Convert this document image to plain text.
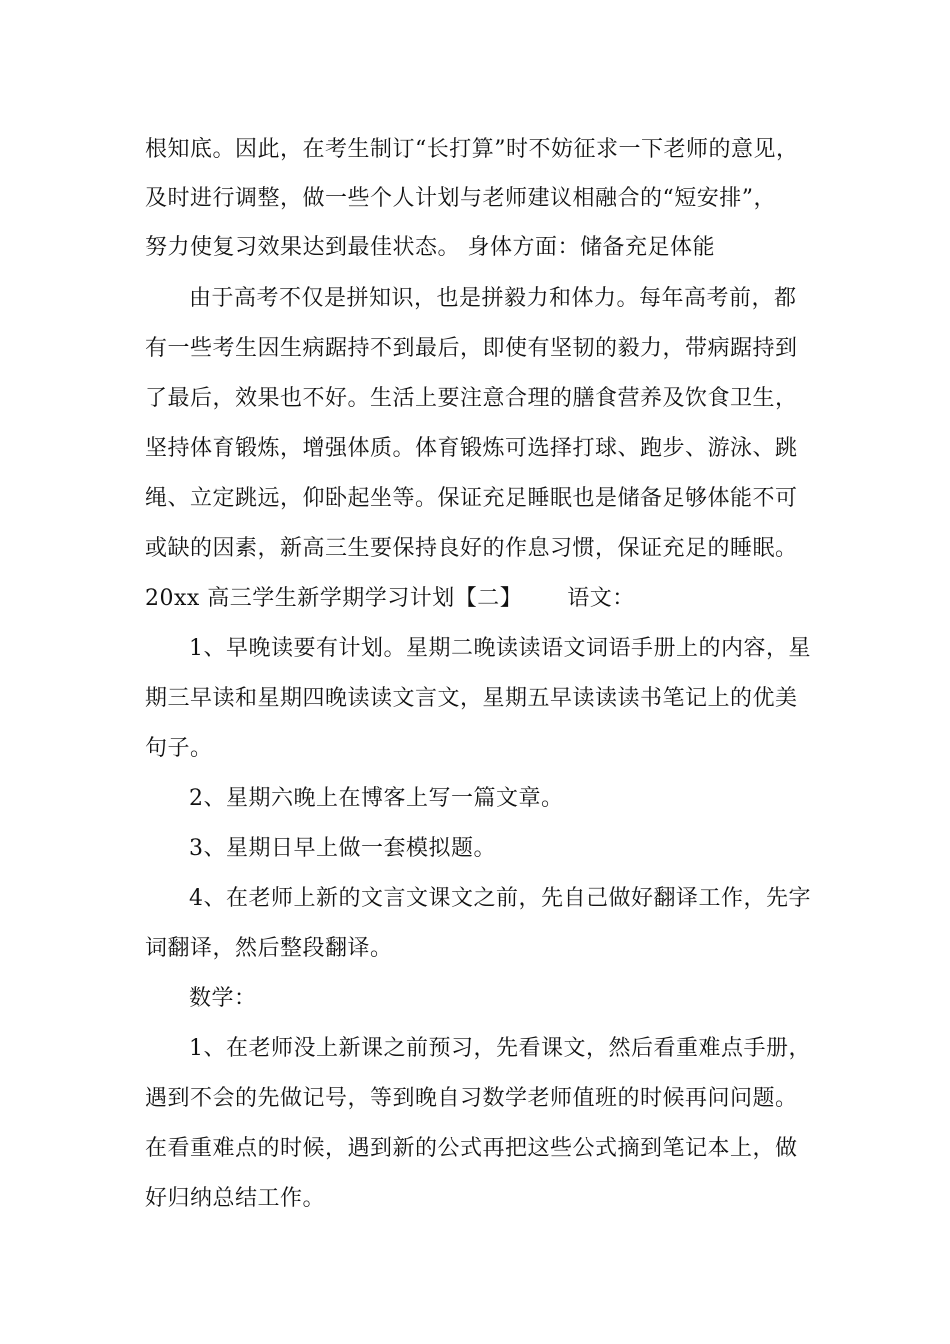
根知底。因此，在考生制订“长打算”时不妨征求一下老师的意见，
及时进行调整，做一些个人计划与老师建议相融合的“短安排”，
努力使复习效果达到最佳状态。 身体方面：储备充足体能
由于高考不仅是拼知识，也是拼毅力和体力。每年高考前，都
有一些考生因生病踞持不到最后，即使有坚韧的毅力，带病踞持到
了最后，效果也不好。生活上要注意合理的膳食营养及饮食卫生，
坚持体育锻炼，增强体质。体育锻炼可选择打球、跑步、游泳、跳
绳、立定跳远，仰卧起坐等。保证充足睡眠也是储备足够体能不可
或缺的因素，新高三生要保持良好的作息习惯，保证充足的睡眠。
20xx 高三学生新学期学习计划【二】      语文：
1、早晚读要有计划。星期二晚读读语文词语手册上的内容，星
期三早读和星期四晚读读文言文，星期五早读读读书笔记上的优美
句子。
2、星期六晚上在博客上写一篇文章。
3、星期日早上做一套模拟题。
4、在老师上新的文言文课文之前，先自己做好翻译工作，先字
词翻译，然后整段翻译。
数学：
1、在老师没上新课之前预习，先看课文，然后看重难点手册，
遇到不会的先做记号，等到晚自习数学老师值班的时候再问问题。
在看重难点的时候，遇到新的公式再把这些公式摘到笔记本上，做
好归纳总结工作。
